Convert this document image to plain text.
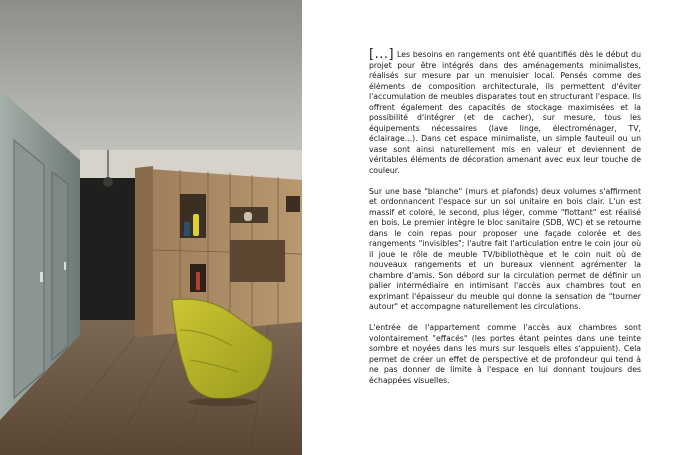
[...] Les besoins en rangements ont été quantifiés dès le début du projet pour être intégrés dans des aménagements minimalistes, réalisés sur mesure par un menuisier local. Pensés comme des éléments de composition architecturale, ils permettent d'éviter l'accumulation de meubles disparates tout en structurant l'espace. Ils offrent également des capacités de stockage maximisées et la possibilité d'intégrer (et de cacher), sur mesure, tous les équipements nécessaires (lave linge, électroménager, TV, éclairage...). Dans cet espace minimaliste, un simple fauteuil ou un vase sont ainsi naturellement mis en valeur et deviennent de véritables éléments de décoration amenant avec eux leur touche de couleur.

Sur une base "blanche" (murs et plafonds) deux volumes s'affirment et ordonnancent l'espace sur un sol unitaire en bois clair. L'un est massif et coloré, le second, plus léger, comme "flottant" est réalisé en bois. Le premier intègre le bloc sanitaire (SDB, WC) et se retourne dans le coin repas pour proposer une façade colorée et des rangements "invisibles"; l'autre fait l'articulation entre le coin jour où il joue le rôle de meuble TV/bibliothèque et le coin nuit où de nouveaux rangements et un bureaux viennent agrémenter la chambre d'amis. Son débord sur la circulation permet de définir un palier intermédiaire en intimisant l'accès aux chambres tout en exprimant l'épaisseur du meuble qui donne la sensation de "tourner autour" et accompagne naturellement les circulations.

L'entrée de l'appartement comme l'accès aux chambres sont volontairement "effacés" (les portes étant peintes dans une teinte sombre et noyées dans les murs sur lesquels elles s'appuient). Cela permet de créer un effet de perspective et de profondeur qui tend à ne pas donner de limite à l'espace en lui donnant toujours des échappées visuelles.
